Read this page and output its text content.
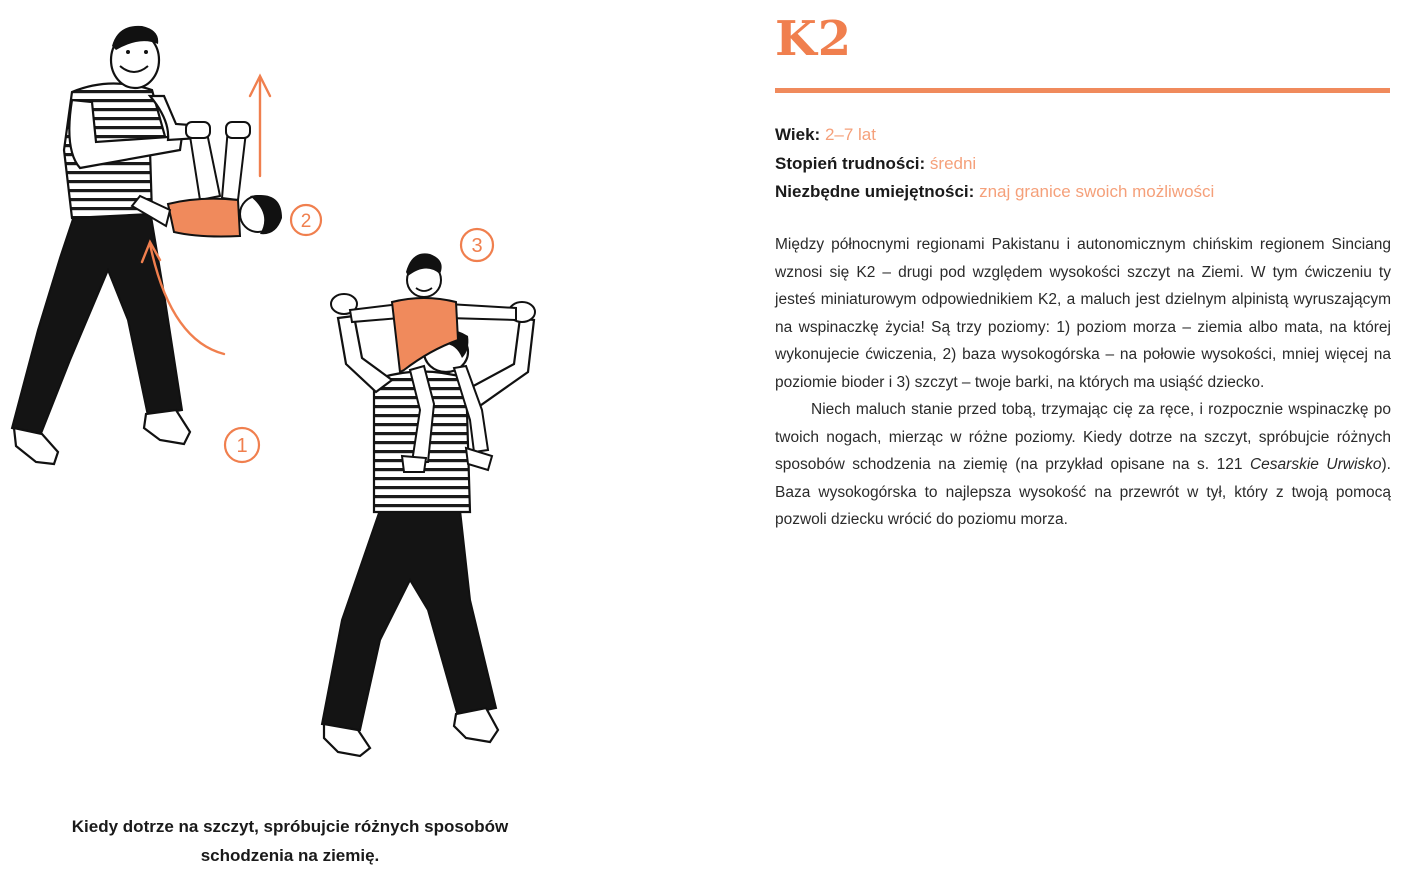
1
2
3
Kiedy dotrze na szczyt, spróbujcie różnych sposobów schodzenia na ziemię.
K2
Wiek: 2–7 lat
Stopień trudności: średni
Niezbędne umiejętności: znaj granice swoich możliwości

Między północnymi regionami Pakistanu i autonomicznym chińskim regionem Sinciang wznosi się K2 – drugi pod względem wysokości szczyt na Ziemi. W tym ćwiczeniu ty jesteś miniaturowym odpowiednikiem K2, a maluch jest dzielnym alpinistą wyruszającym na wspinaczkę życia! Są trzy poziomy: 1) poziom morza – ziemia albo mata, na której wykonujecie ćwiczenia, 2) baza wysokogórska – na połowie wysokości, mniej więcej na poziomie bioder i 3) szczyt – twoje barki, na których ma usiąść dziecko.

Niech maluch stanie przed tobą, trzymając cię za ręce, i rozpocznie wspinaczkę po twoich nogach, mierząc w różne poziomy. Kiedy dotrze na szczyt, spróbujcie różnych sposobów schodzenia na ziemię (na przykład opisane na s. 121 Cesarskie Urwisko). Baza wysokogórska to najlepsza wysokość na przewrót w tył, który z twoją pomocą pozwoli dziecku wrócić do poziomu morza.
